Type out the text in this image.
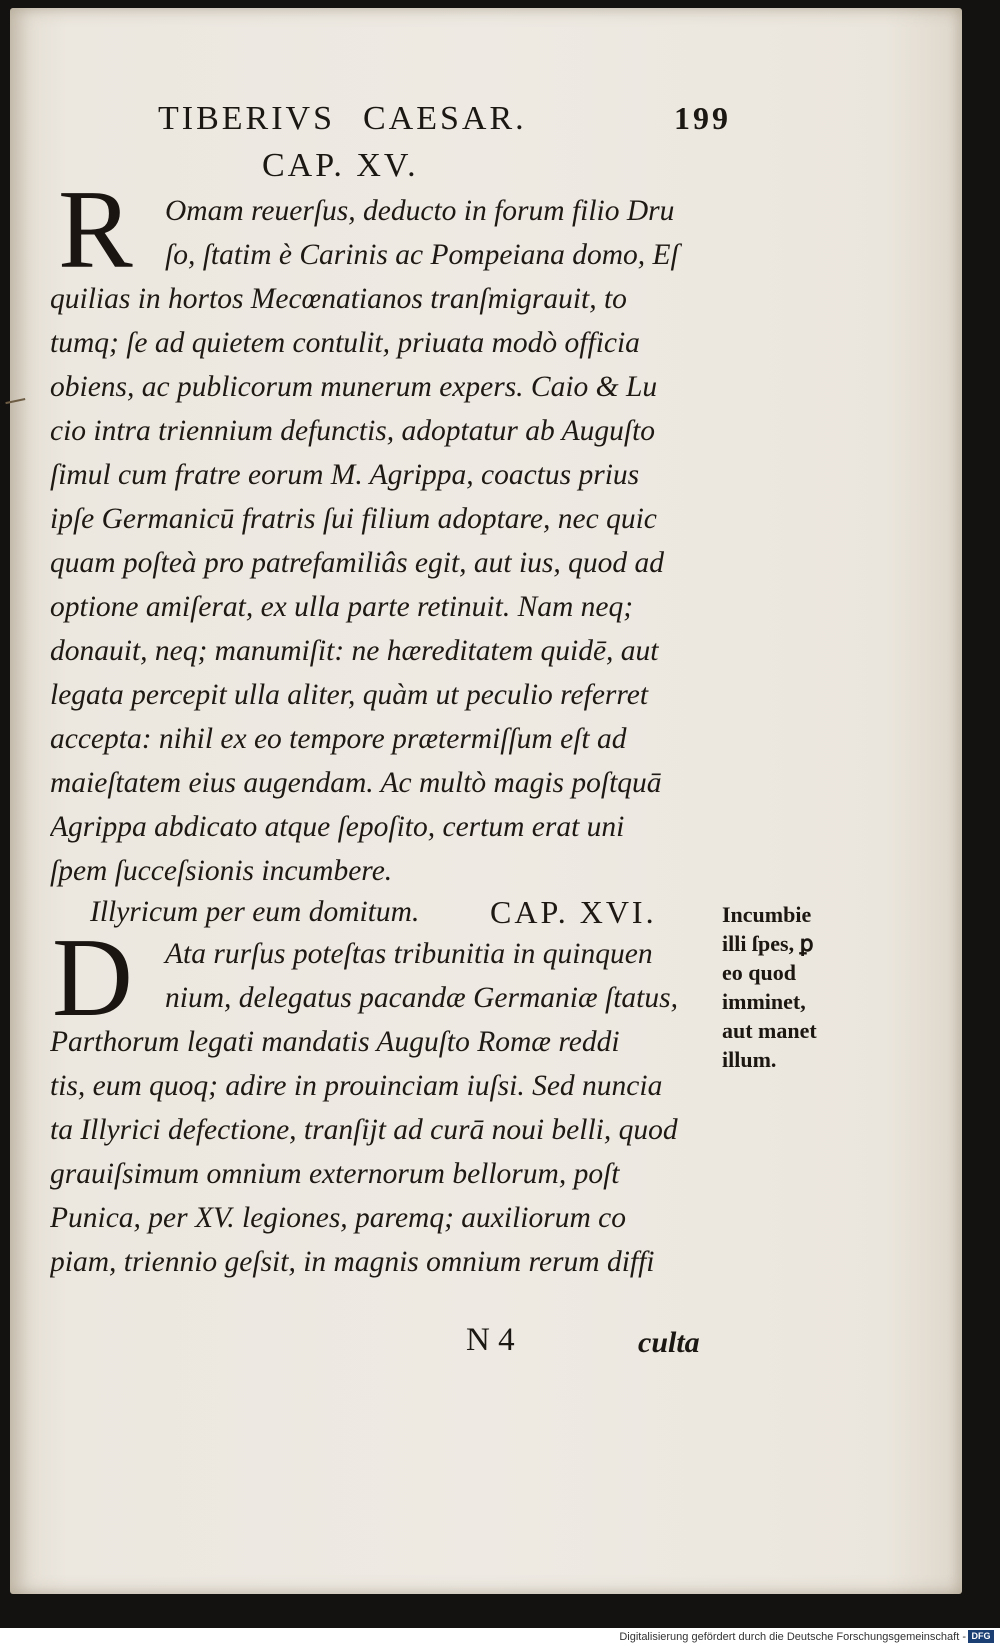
TIBERIVS CAESAR.	199
CAP. XV.
R	Omam reuerſus, deducto in forum filio Dru
ſo, ſtatim è Carinis ac Pompeiana domo, Eſ
quilias in hortos Mecœnatianos tranſmigrauit, to
tumq; ſe ad quietem contulit, priuata modò officia
obiens, ac publicorum munerum expers. Caio & Lu
cio intra triennium defunctis, adoptatur ab Auguſto
ſimul cum fratre eorum M. Agrippa, coactus prius
ipſe Germanicū fratris ſui filium adoptare, nec quic
quam poſteà pro patrefamiliâs egit, aut ius, quod ad
optione amiſerat, ex ulla parte retinuit. Nam neq;
donauit, neq; manumiſit: ne hæreditatem quidē, aut
legata percepit ulla aliter, quàm ut peculio referret
accepta: nihil ex eo tempore prætermiſſum eſt ad
maieſtatem eius augendam. Ac multò magis poſtquā
Agrippa abdicato atque ſepoſito, certum erat uni
ſpem ſucceſsionis incumbere.
Illyricum per eum domitum. CAP. XVI.	Incumbie
illi ſpes, ꝑ
eo quod
imminet,
aut manet
illum.
D	Ata rurſus poteſtas tribunitia in quinquen
nium, delegatus pacandæ Germaniæ ſtatus,
Parthorum legati mandatis Auguſto Romæ reddi
tis, eum quoq; adire in prouinciam iuſsi. Sed nuncia
ta Illyrici defectione, tranſijt ad curā noui belli, quod
grauiſsimum omnium externorum bellorum, poſt
Punica, per XV. legiones, paremq; auxiliorum co
piam, triennio geſsit, in magnis omnium rerum diffi
N 4	culta
Digitalisierung gefördert durch die Deutsche Forschungsgemeinschaft - DFG
